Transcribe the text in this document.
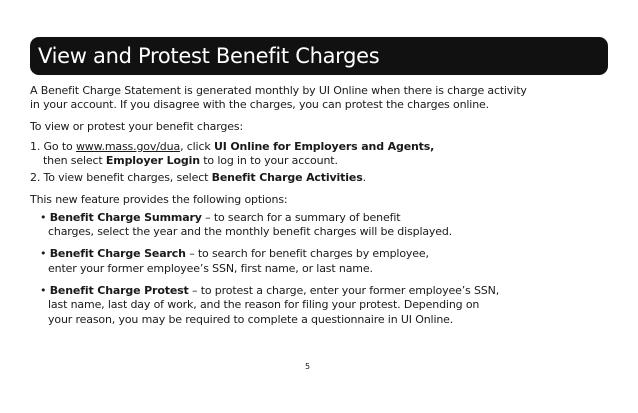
View and Protest Benefit Charges
A Benefit Charge Statement is generated monthly by UI Online when there is charge activity
in your account. If you disagree with the charges, you can protest the charges online.
To view or protest your benefit charges:
1. Go to www.mass.gov/dua, click UI Online for Employers and Agents,
then select Employer Login to log in to your account.
2. To view benefit charges, select Benefit Charge Activities.
This new feature provides the following options:
• Benefit Charge Summary – to search for a summary of benefit
charges, select the year and the monthly benefit charges will be displayed.
• Benefit Charge Search – to search for benefit charges by employee,
enter your former employee’s SSN, first name, or last name.
• Benefit Charge Protest – to protest a charge, enter your former employee’s SSN,
last name, last day of work, and the reason for filing your protest. Depending on
your reason, you may be required to complete a questionnaire in UI Online.
5
